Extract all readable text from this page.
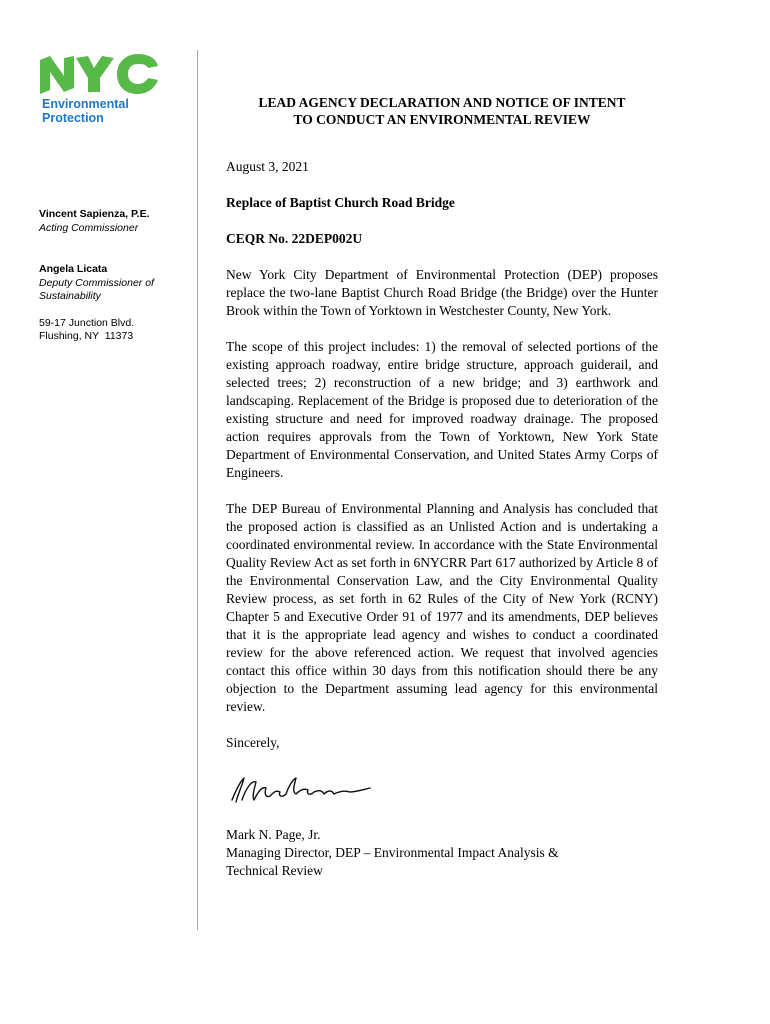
Environmental
Protection
Vincent Sapienza, P.E.
Acting Commissioner
Angela Licata
Deputy Commissioner of
Sustainability
59-17 Junction Blvd.
Flushing, NY  11373
LEAD AGENCY DECLARATION AND NOTICE OF INTENT
TO CONDUCT AN ENVIRONMENTAL REVIEW
August 3, 2021
Replace of Baptist Church Road Bridge
CEQR No. 22DEP002U

New York City Department of Environmental Protection (DEP) proposes replace the two-lane Baptist Church Road Bridge (the Bridge) over the Hunter Brook within the Town of Yorktown in Westchester County, New York.

The scope of this project includes: 1) the removal of selected portions of the existing approach roadway, entire bridge structure, approach guiderail, and selected trees; 2) reconstruction of a new bridge; and 3) earthwork and landscaping. Replacement of the Bridge is proposed due to deterioration of the existing structure and need for improved roadway drainage. The proposed action requires approvals from the Town of Yorktown, New York State Department of Environmental Conservation, and United States Army Corps of Engineers.

The DEP Bureau of Environmental Planning and Analysis has concluded that the proposed action is classified as an Unlisted Action and is undertaking a coordinated environmental review. In accordance with the State Environmental Quality Review Act as set forth in 6NYCRR Part 617 authorized by Article 8 of the Environmental Conservation Law, and the City Environmental Quality Review process, as set forth in 62 Rules of the City of New York (RCNY) Chapter 5 and Executive Order 91 of 1977 and its amendments, DEP believes that it is the appropriate lead agency and wishes to conduct a coordinated review for the above referenced action. We request that involved agencies contact this office within 30 days from this notification should there be any objection to the Department assuming lead agency for this environmental review.

Sincerely,
Mark N. Page, Jr.
Managing Director, DEP – Environmental Impact Analysis &
Technical Review
